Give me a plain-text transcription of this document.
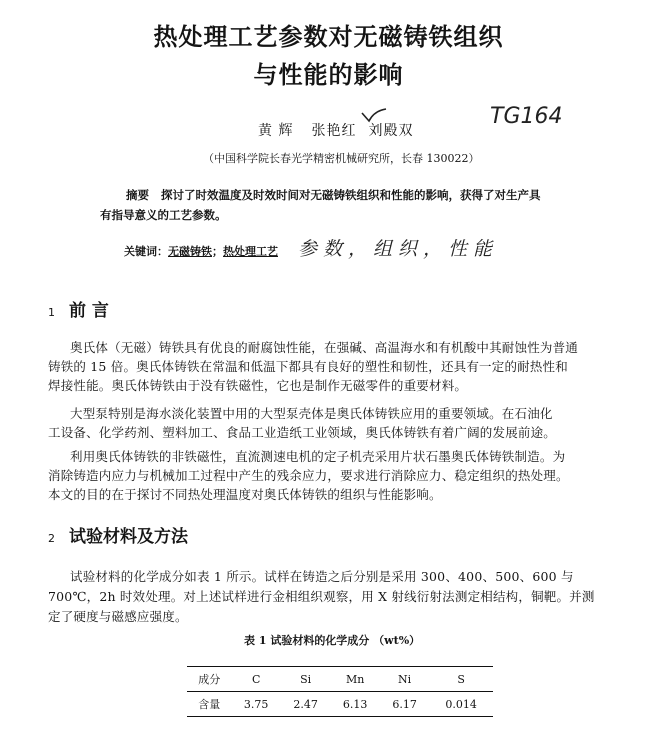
热处理工艺参数对无磁铸铁组织
与性能的影响
TG164
黄 辉 张艳红 刘殿双
（中国科学院长春光学精密机械研究所，长春 130022）
摘要 探讨了时效温度及时效时间对无磁铸铁组织和性能的影响，获得了对生产具
有指导意义的工艺参数。
关键词：无磁铸铁；热处理工艺 参数，组织，性能
1 前 言
奥氏体（无磁）铸铁具有优良的耐腐蚀性能，在强碱、高温海水和有机酸中其耐蚀性为普通
铸铁的 15 倍。奥氏体铸铁在常温和低温下都具有良好的塑性和韧性，还具有一定的耐热性和
焊接性能。奥氏体铸铁由于没有铁磁性，它也是制作无磁零件的重要材料。
大型泵特别是海水淡化装置中用的大型泵壳体是奥氏体铸铁应用的重要领域。在石油化
工设备、化学药剂、塑料加工、食品工业造纸工业领域，奥氏体铸铁有着广阔的发展前途。
利用奥氏体铸铁的非铁磁性，直流测速电机的定子机壳采用片状石墨奥氏体铸铁制造。为
消除铸造内应力与机械加工过程中产生的残余应力，要求进行消除应力、稳定组织的热处理。
本文的目的在于探讨不同热处理温度对奥氏体铸铁的组织与性能影响。
2 试验材料及方法
试验材料的化学成分如表 1 所示。试样在铸造之后分别是采用 300、400、500、600 与
700℃，2h 时效处理。对上述试样进行金相组织观察，用 X 射线衍射法测定相结构，铜靶。并测
定了硬度与磁感应强度。
表 1 试验材料的化学成分 （wt%）
成分	C	Si	Mn	Ni	S
含量	3.75	2.47	6.13	6.17	0.014
